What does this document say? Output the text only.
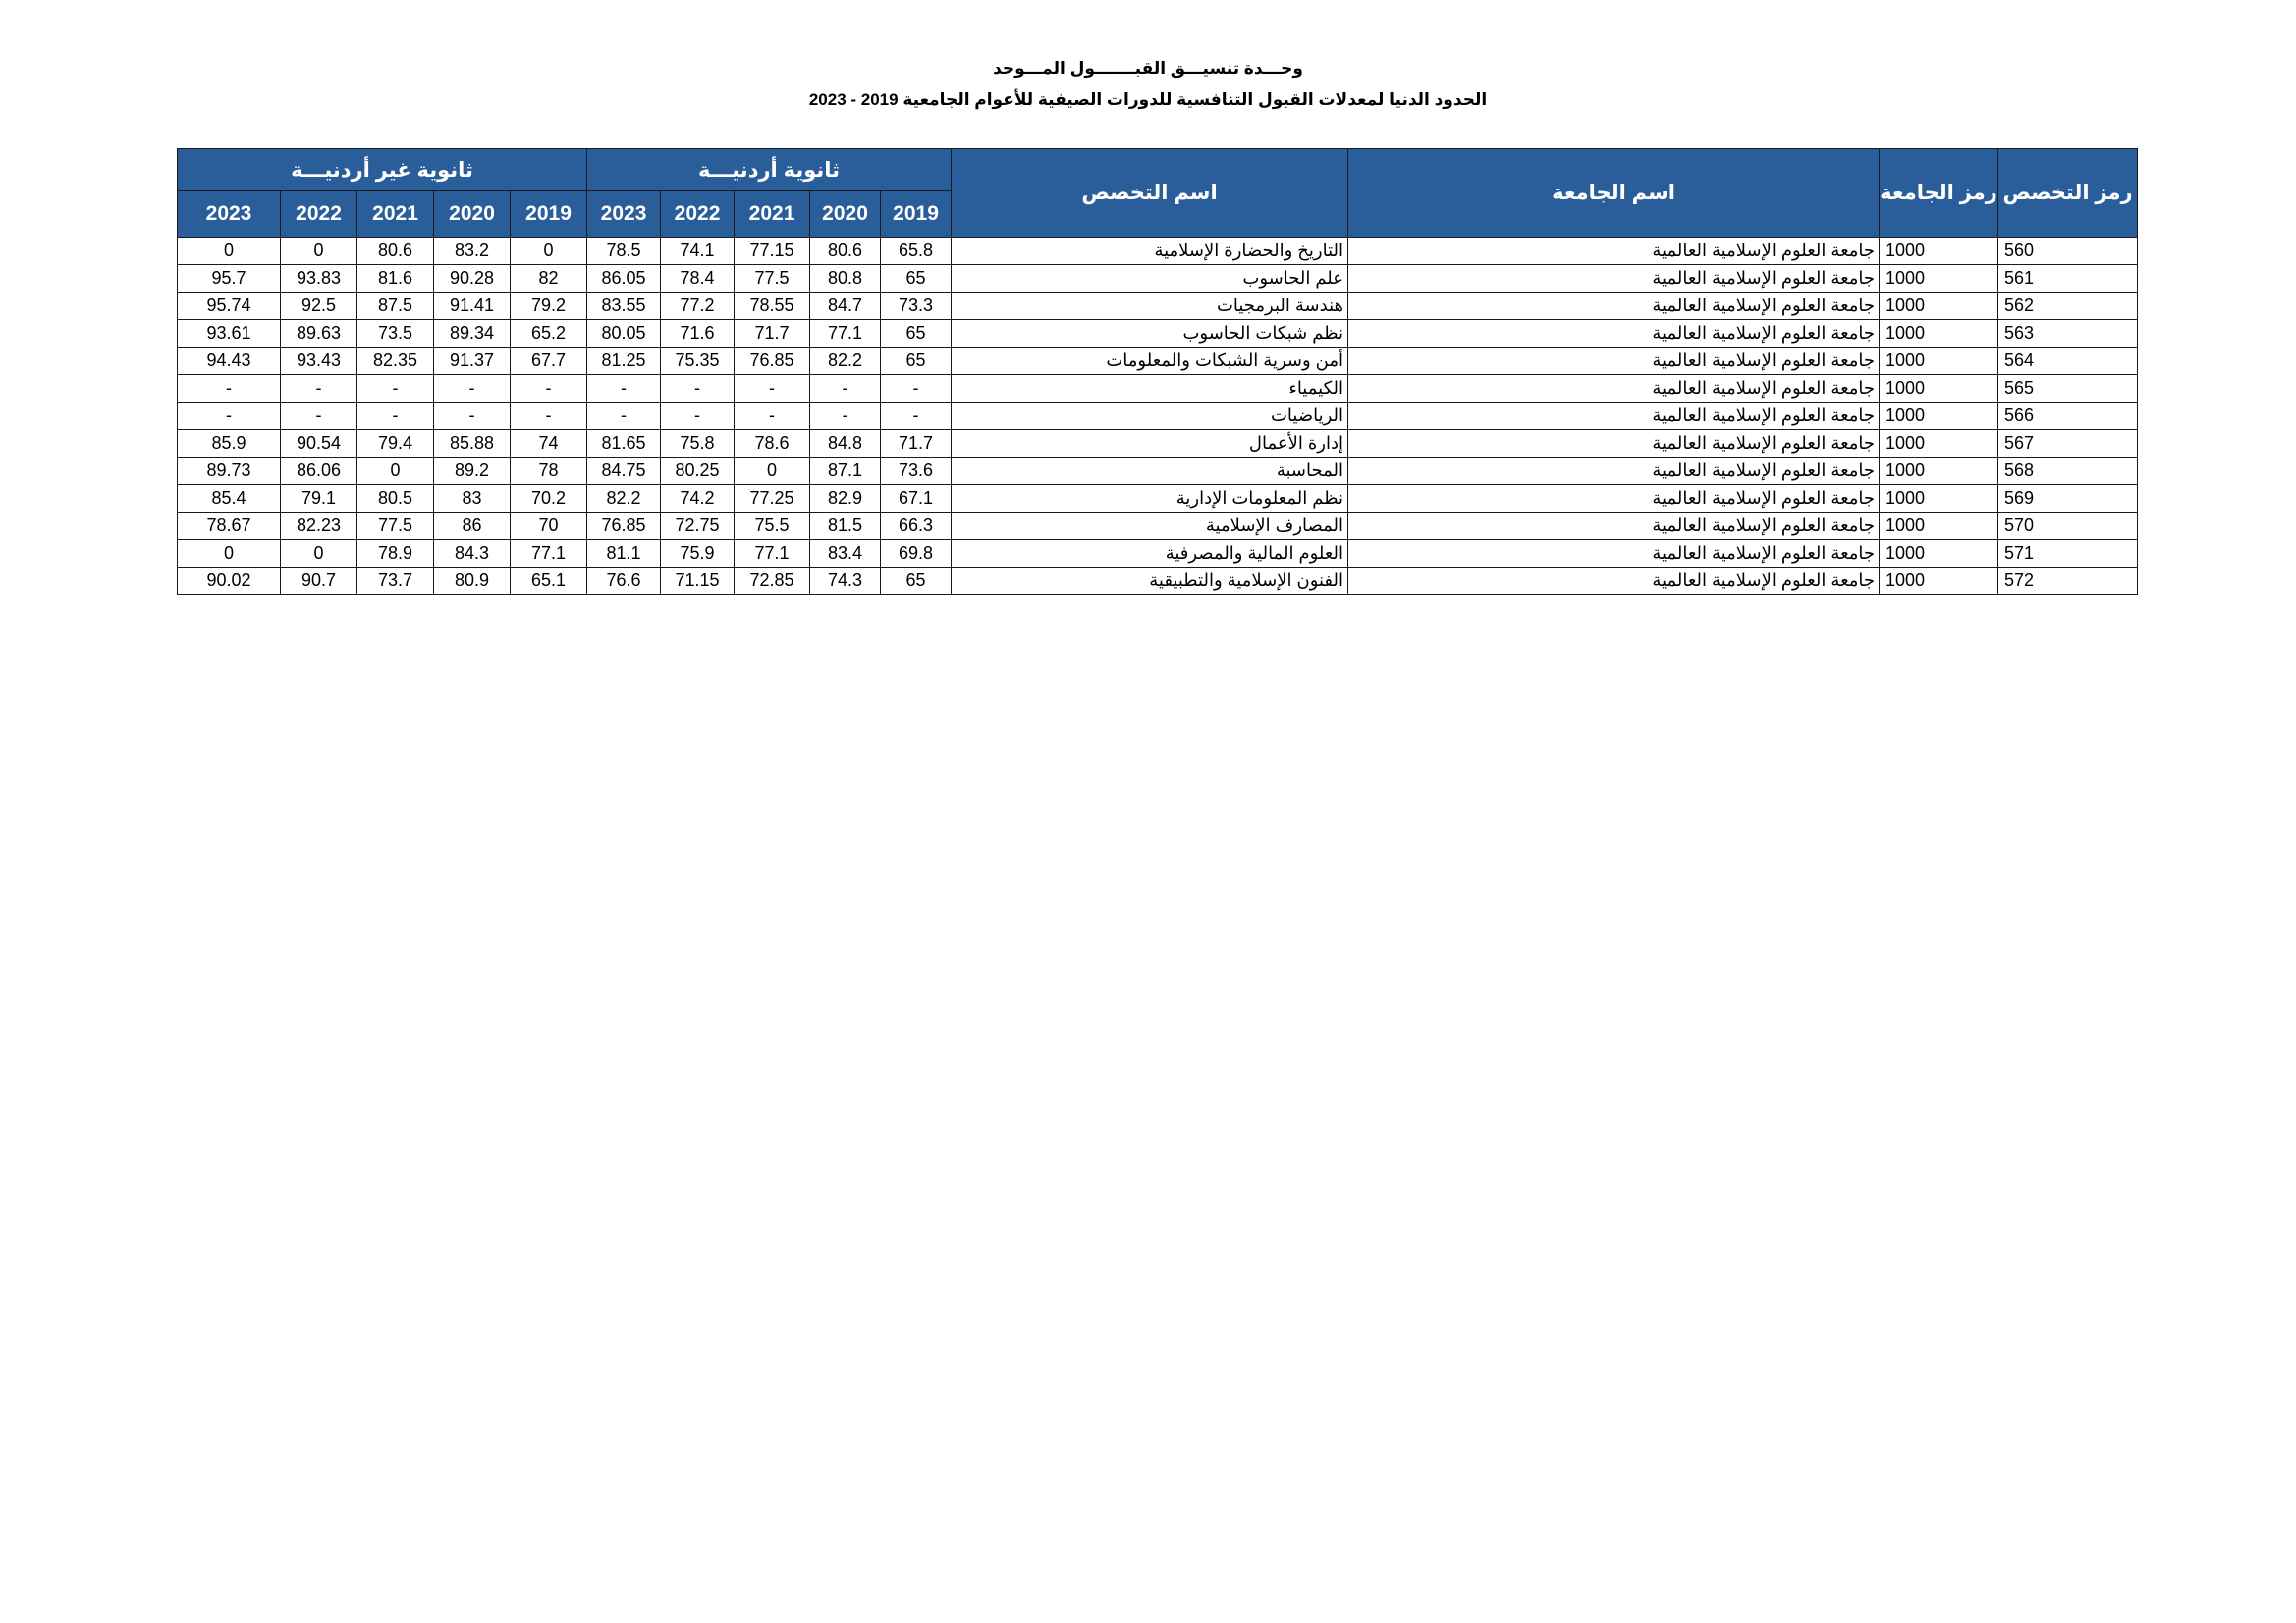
وحـــدة تنسيـــق القبـــــــول المـــوحد
الحدود الدنيا لمعدلات القبول التنافسية للدورات الصيفية للأعوام الجامعية 2019 - 2023
رمز التخصص	رمز الجامعة	اسم الجامعة	اسم التخصص	ثانوية أردنيـــة					ثانوية غير أردنيـــة				
				2019	2020	2021	2022	2023	2019	2020	2021	2022	2023
560	1000	جامعة العلوم الإسلامية العالمية	التاريخ والحضارة الإسلامية	65.8	80.6	77.15	74.1	78.5	0	83.2	80.6	0	0
561	1000	جامعة العلوم الإسلامية العالمية	علم الحاسوب	65	80.8	77.5	78.4	86.05	82	90.28	81.6	93.83	95.7
562	1000	جامعة العلوم الإسلامية العالمية	هندسة البرمجيات	73.3	84.7	78.55	77.2	83.55	79.2	91.41	87.5	92.5	95.74
563	1000	جامعة العلوم الإسلامية العالمية	نظم شبكات الحاسوب	65	77.1	71.7	71.6	80.05	65.2	89.34	73.5	89.63	93.61
564	1000	جامعة العلوم الإسلامية العالمية	أمن وسرية الشبكات والمعلومات	65	82.2	76.85	75.35	81.25	67.7	91.37	82.35	93.43	94.43
565	1000	جامعة العلوم الإسلامية العالمية	الكيمياء	-	-	-	-	-	-	-	-	-	-
566	1000	جامعة العلوم الإسلامية العالمية	الرياضيات	-	-	-	-	-	-	-	-	-	-
567	1000	جامعة العلوم الإسلامية العالمية	إدارة الأعمال	71.7	84.8	78.6	75.8	81.65	74	85.88	79.4	90.54	85.9
568	1000	جامعة العلوم الإسلامية العالمية	المحاسبة	73.6	87.1	0	80.25	84.75	78	89.2	0	86.06	89.73
569	1000	جامعة العلوم الإسلامية العالمية	نظم المعلومات الإدارية	67.1	82.9	77.25	74.2	82.2	70.2	83	80.5	79.1	85.4
570	1000	جامعة العلوم الإسلامية العالمية	المصارف الإسلامية	66.3	81.5	75.5	72.75	76.85	70	86	77.5	82.23	78.67
571	1000	جامعة العلوم الإسلامية العالمية	العلوم المالية والمصرفية	69.8	83.4	77.1	75.9	81.1	77.1	84.3	78.9	0	0
572	1000	جامعة العلوم الإسلامية العالمية	الفنون الإسلامية والتطبيقية	65	74.3	72.85	71.15	76.6	65.1	80.9	73.7	90.7	90.02
